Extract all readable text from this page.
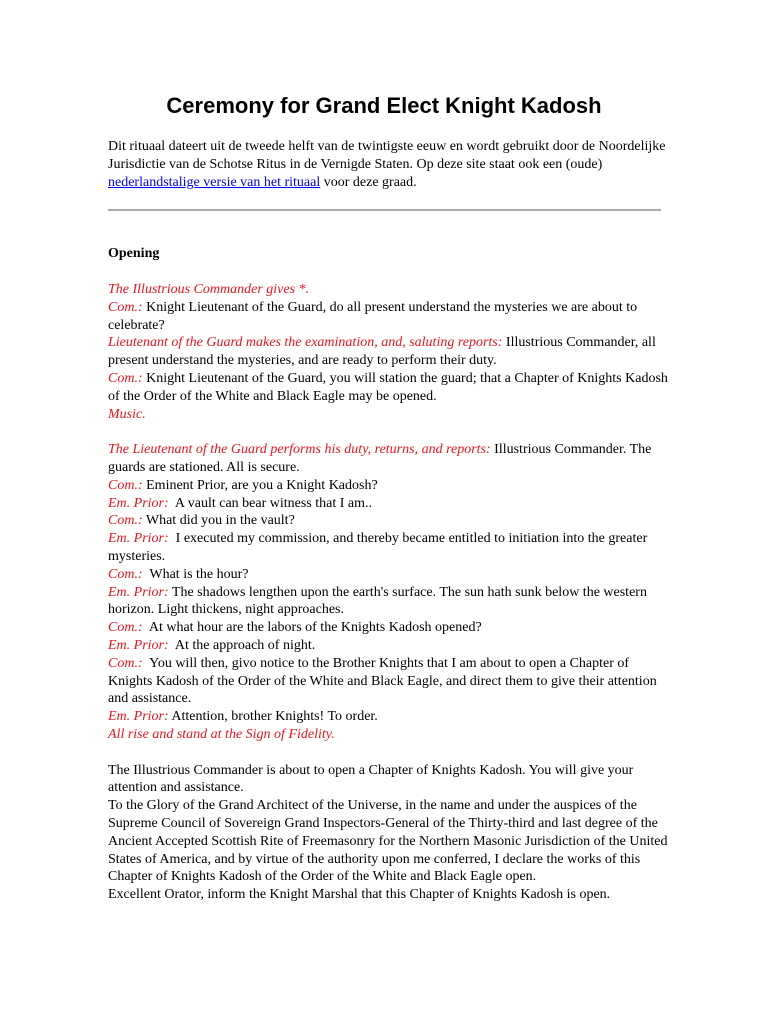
Ceremony for Grand Elect Knight Kadosh

Dit rituaal dateert uit de tweede helft van de twintigste eeuw en wordt gebruikt door de Noordelijke Jurisdictie van de Schotse Ritus in de Vernigde Staten. Op deze site staat ook een (oude) nederlandstalige versie van het rituaal voor deze graad.

Opening

The Illustrious Commander gives *.
Com.: Knight Lieutenant of the Guard, do all present understand the mysteries we are about to celebrate?
Lieutenant of the Guard makes the examination, and, saluting reports: Illustrious Commander, all present understand the mysteries, and are ready to perform their duty.
Com.: Knight Lieutenant of the Guard, you will station the guard; that a Chapter of Knights Kadosh of the Order of the White and Black Eagle may be opened.
Music.
The Lieutenant of the Guard performs his duty, returns, and reports: Illustrious Commander. The guards are stationed. All is secure.
Com.: Eminent Prior, are you a Knight Kadosh?
Em. Prior:  A vault can bear witness that I am..
Com.: What did you in the vault?
Em. Prior:  I executed my commission, and thereby became entitled to initiation into the greater mysteries.
Com.:  What is the hour?
Em. Prior: The shadows lengthen upon the earth's surface. The sun hath sunk below the western horizon. Light thickens, night approaches.
Com.:  At what hour are the labors of the Knights Kadosh opened?
Em. Prior:  At the approach of night.
Com.:  You will then, givo notice to the Brother Knights that I am about to open a Chapter of Knights Kadosh of the Order of the White and Black Eagle, and direct them to give their attention and assistance.
Em. Prior: Attention, brother Knights! To order.
All rise and stand at the Sign of Fidelity.
The Illustrious Commander is about to open a Chapter of Knights Kadosh. You will give your attention and assistance.
To the Glory of the Grand Architect of the Universe, in the name and under the auspices of the Supreme Council of Sovereign Grand Inspectors-General of the Thirty-third and last degree of the Ancient Accepted Scottish Rite of Freemasonry for the Northern Masonic Jurisdiction of the United States of America, and by virtue of the authority upon me conferred, I declare the works of this Chapter of Knights Kadosh of the Order of the White and Black Eagle open.
Excellent Orator, inform the Knight Marshal that this Chapter of Knights Kadosh is open.
